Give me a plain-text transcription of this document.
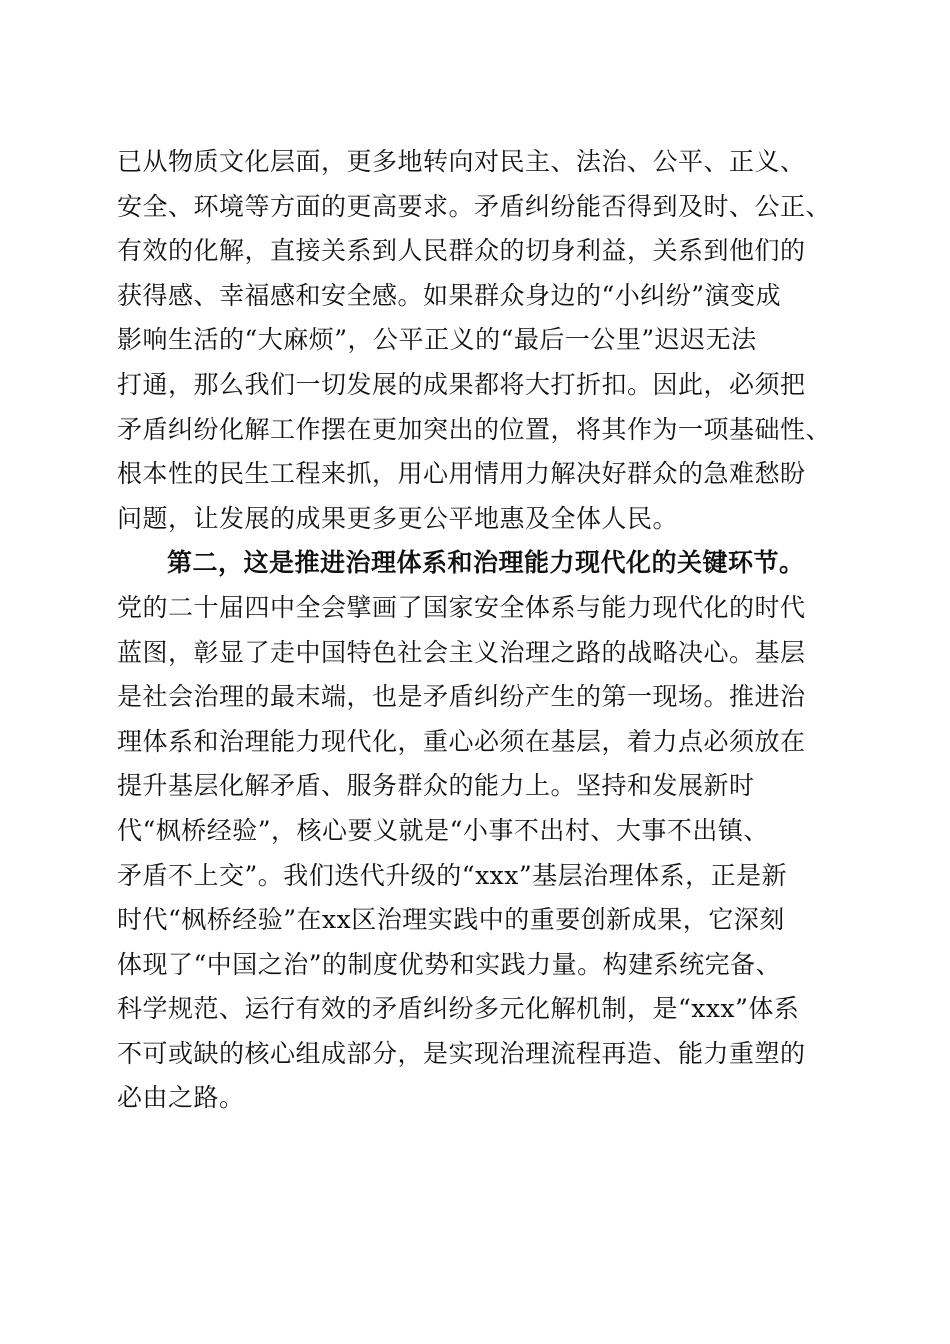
已从物质文化层面，更多地转向对民主、法治、公平、正义、
安全、环境等方面的更高要求。矛盾纠纷能否得到及时、公正、
有效的化解，直接关系到人民群众的切身利益，关系到他们的
获得感、幸福感和安全感。如果群众身边的“小纠纷”演变成
影响生活的“大麻烦”，公平正义的“最后一公里”迟迟无法
打通，那么我们一切发展的成果都将大打折扣。因此，必须把
矛盾纠纷化解工作摆在更加突出的位置，将其作为一项基础性、
根本性的民生工程来抓，用心用情用力解决好群众的急难愁盼
问题，让发展的成果更多更公平地惠及全体人民。
第二，这是推进治理体系和治理能力现代化的关键环节。
党的二十届四中全会擘画了国家安全体系与能力现代化的时代
蓝图，彰显了走中国特色社会主义治理之路的战略决心。基层
是社会治理的最末端，也是矛盾纠纷产生的第一现场。推进治
理体系和治理能力现代化，重心必须在基层，着力点必须放在
提升基层化解矛盾、服务群众的能力上。坚持和发展新时
代“枫桥经验”，核心要义就是“小事不出村、大事不出镇、
矛盾不上交”。我们迭代升级的“xxx”基层治理体系，正是新
时代“枫桥经验”在xx区治理实践中的重要创新成果，它深刻
体现了“中国之治”的制度优势和实践力量。构建系统完备、
科学规范、运行有效的矛盾纠纷多元化解机制，是“xxx”体系
不可或缺的核心组成部分，是实现治理流程再造、能力重塑的
必由之路。
